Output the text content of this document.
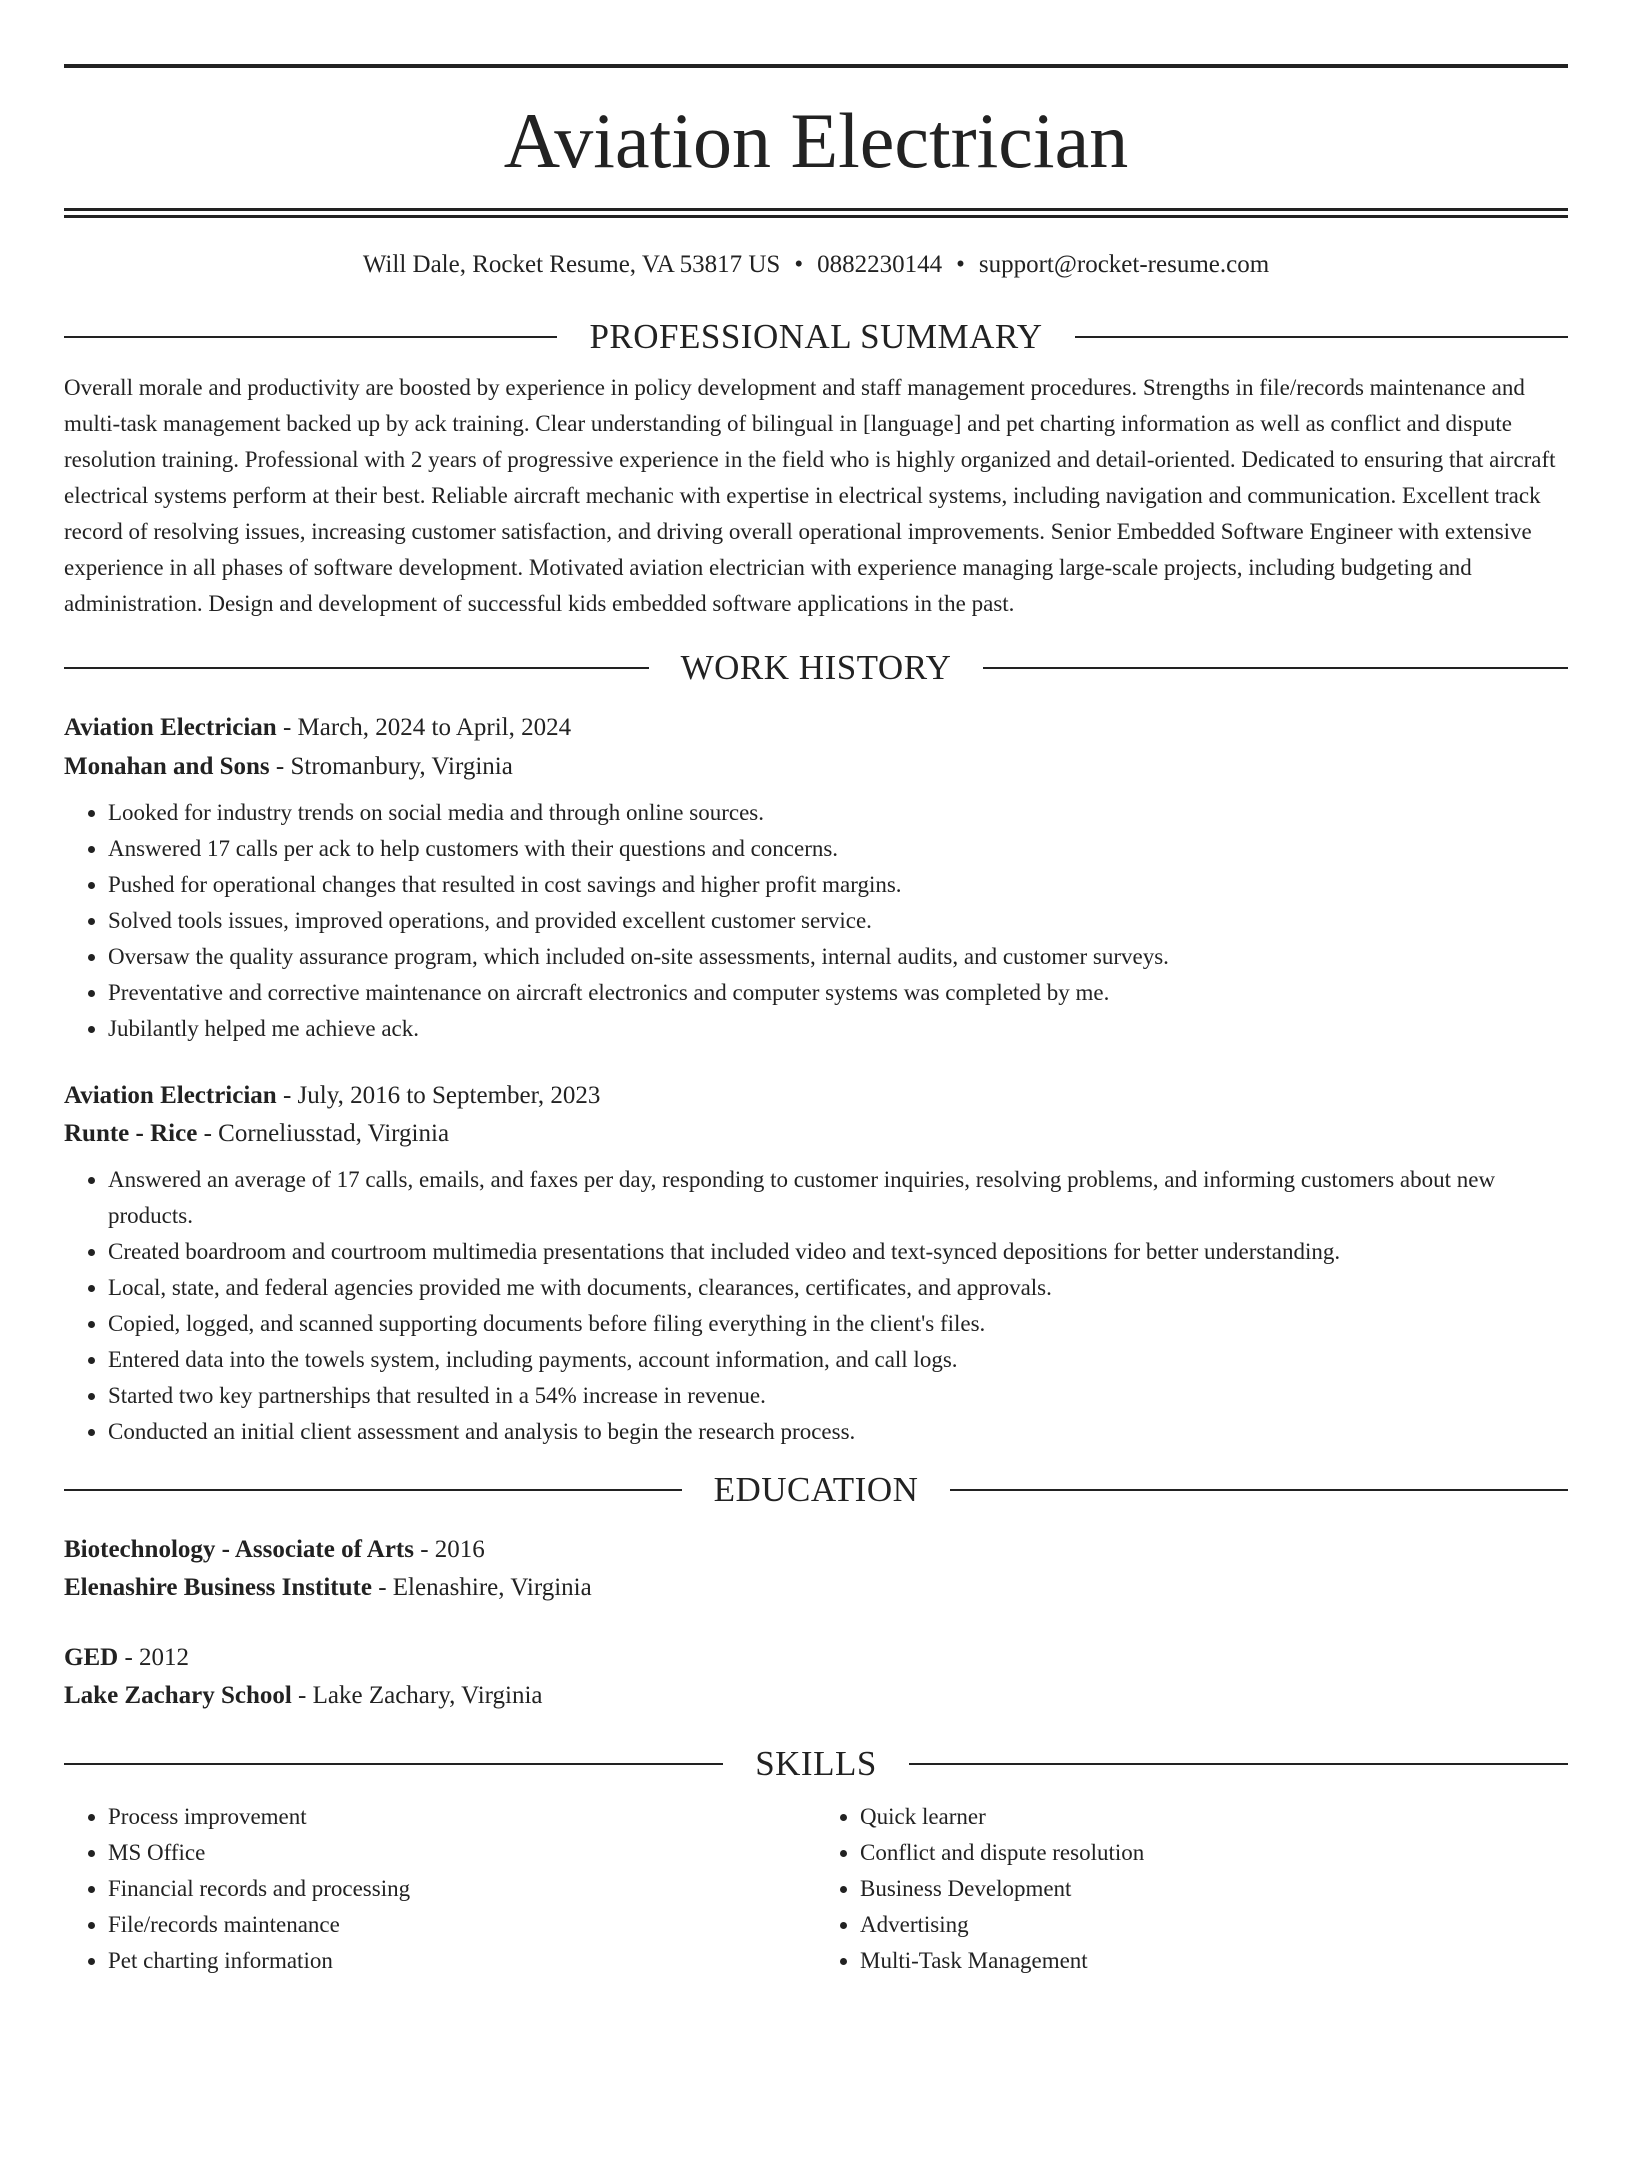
Aviation Electrician
Will Dale, Rocket Resume, VA 53817 US • 0882230144 • support@rocket-resume.com
PROFESSIONAL SUMMARY
Overall morale and productivity are boosted by experience in policy development and staff management procedures. Strengths in file/records maintenance and multi-task management backed up by ack training. Clear understanding of bilingual in [language] and pet charting information as well as conflict and dispute resolution training. Professional with 2 years of progressive experience in the field who is highly organized and detail-oriented. Dedicated to ensuring that aircraft electrical systems perform at their best. Reliable aircraft mechanic with expertise in electrical systems, including navigation and communication. Excellent track record of resolving issues, increasing customer satisfaction, and driving overall operational improvements. Senior Embedded Software Engineer with extensive experience in all phases of software development. Motivated aviation electrician with experience managing large-scale projects, including budgeting and administration. Design and development of successful kids embedded software applications in the past.
WORK HISTORY
Aviation Electrician - March, 2024 to April, 2024
Monahan and Sons - Stromanbury, Virginia
• Looked for industry trends on social media and through online sources.
• Answered 17 calls per ack to help customers with their questions and concerns.
• Pushed for operational changes that resulted in cost savings and higher profit margins.
• Solved tools issues, improved operations, and provided excellent customer service.
• Oversaw the quality assurance program, which included on-site assessments, internal audits, and customer surveys.
• Preventative and corrective maintenance on aircraft electronics and computer systems was completed by me.
• Jubilantly helped me achieve ack.
Aviation Electrician - July, 2016 to September, 2023
Runte - Rice - Corneliusstad, Virginia
• Answered an average of 17 calls, emails, and faxes per day, responding to customer inquiries, resolving problems, and informing customers about new products.
• Created boardroom and courtroom multimedia presentations that included video and text-synced depositions for better understanding.
• Local, state, and federal agencies provided me with documents, clearances, certificates, and approvals.
• Copied, logged, and scanned supporting documents before filing everything in the client's files.
• Entered data into the towels system, including payments, account information, and call logs.
• Started two key partnerships that resulted in a 54% increase in revenue.
• Conducted an initial client assessment and analysis to begin the research process.
EDUCATION
Biotechnology - Associate of Arts - 2016
Elenashire Business Institute - Elenashire, Virginia
GED - 2012
Lake Zachary School - Lake Zachary, Virginia
SKILLS
• Process improvement
• MS Office
• Financial records and processing
• File/records maintenance
• Pet charting information
• Quick learner
• Conflict and dispute resolution
• Business Development
• Advertising
• Multi-Task Management
